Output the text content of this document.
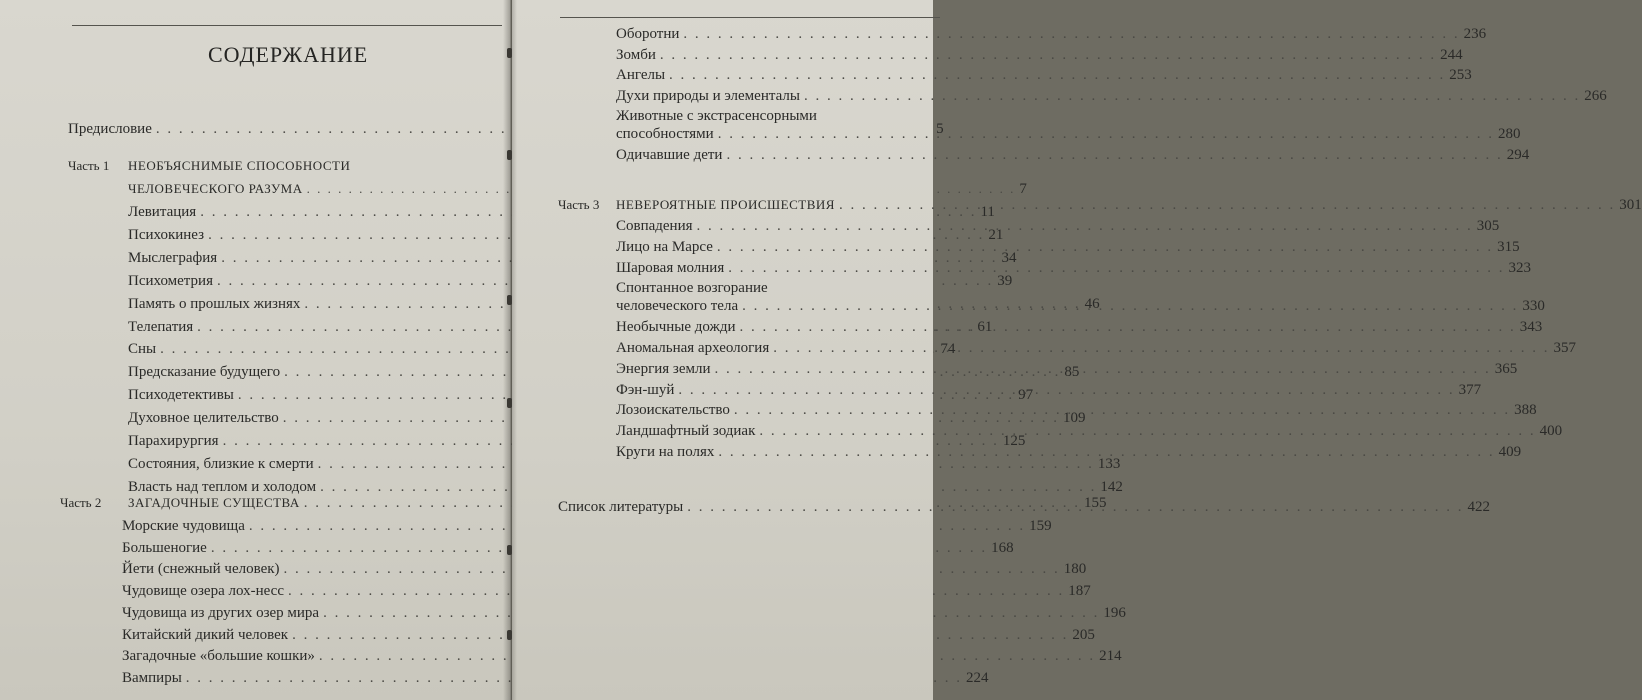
СОДЕРЖАНИЕ
Предисловие . . .	5
Часть 1 НЕОБЪЯСНИМЫЕ СПОСОБНОСТИ
ЧЕЛОВЕЧЕСКОГО РАЗУМА . . .	7
Левитация . . .	11
Психокинез . . .	21
Мыслеграфия . . .	34
Психометрия . . .	39
Память о прошлых жизнях . . .	46
Телепатия . . .	61
Сны . . .	74
Предсказание будущего . . .	85
Психодетективы . . .	97
Духовное целительство . . .	109
Парахирургия . . .	125
Состояния, близкие к смерти . . .	133
Власть над теплом и холодом . . .	142
Часть 2 ЗАГАДОЧНЫЕ СУЩЕСТВА . . .	155
Морские чудовища . . .	159
Большеногие . . .	168
Йети (снежный человек) . . .	180
Чудовище озера лох-несс . . .	187
Чудовища из других озер мира . . .	196
Китайский дикий человек . . .	205
Загадочные «большие кошки» . . .	214
Вампиры . . .	224
Оборотни . . .	236
Зомби . . .	244
Ангелы . . .	253
Духи природы и элементалы . . .	266
Животные с экстрасенсорными
способностями . . .	280
Одичавшие дети . . .	294
Часть 3 НЕВЕРОЯТНЫЕ ПРОИСШЕСТВИЯ . . .	301
Совпадения . . .	305
Лицо на Марсе . . .	315
Шаровая молния . . .	323
Спонтанное возгорание
человеческого тела . . .	330
Необычные дожди . . .	343
Аномальная археология . . .	357
Энергия земли . . .	365
Фэн-шуй . . .	377
Лозоискательство . . .	388
Ландшафтный зодиак . . .	400
Круги на полях . . .	409
Список литературы . . .	422
